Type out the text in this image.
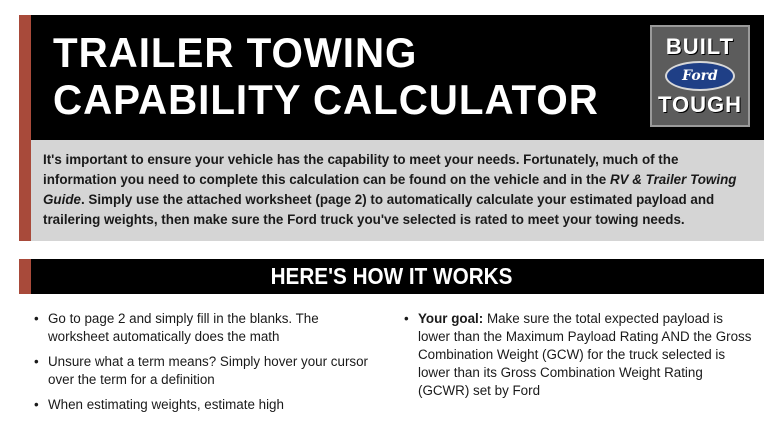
TRAILER TOWING
CAPABILITY CALCULATOR
BUILT
Ford
TOUGH

It's important to ensure your vehicle has the capability to meet your needs. Fortunately, much of the information you need to complete this calculation can be found on the vehicle and in the RV & Trailer Towing Guide. Simply use the attached worksheet (page 2) to automatically calculate your estimated payload and trailering weights, then make sure the Ford truck you've selected is rated to meet your towing needs.

HERE'S HOW IT WORKS
• Go to page 2 and simply fill in the blanks. The worksheet automatically does the math
• Unsure what a term means? Simply hover your cursor over the term for a definition
• When estimating weights, estimate high
• Your goal: Make sure the total expected payload is lower than the Maximum Payload Rating AND the Gross Combination Weight (GCW) for the truck selected is lower than its Gross Combination Weight Rating (GCWR) set by Ford
